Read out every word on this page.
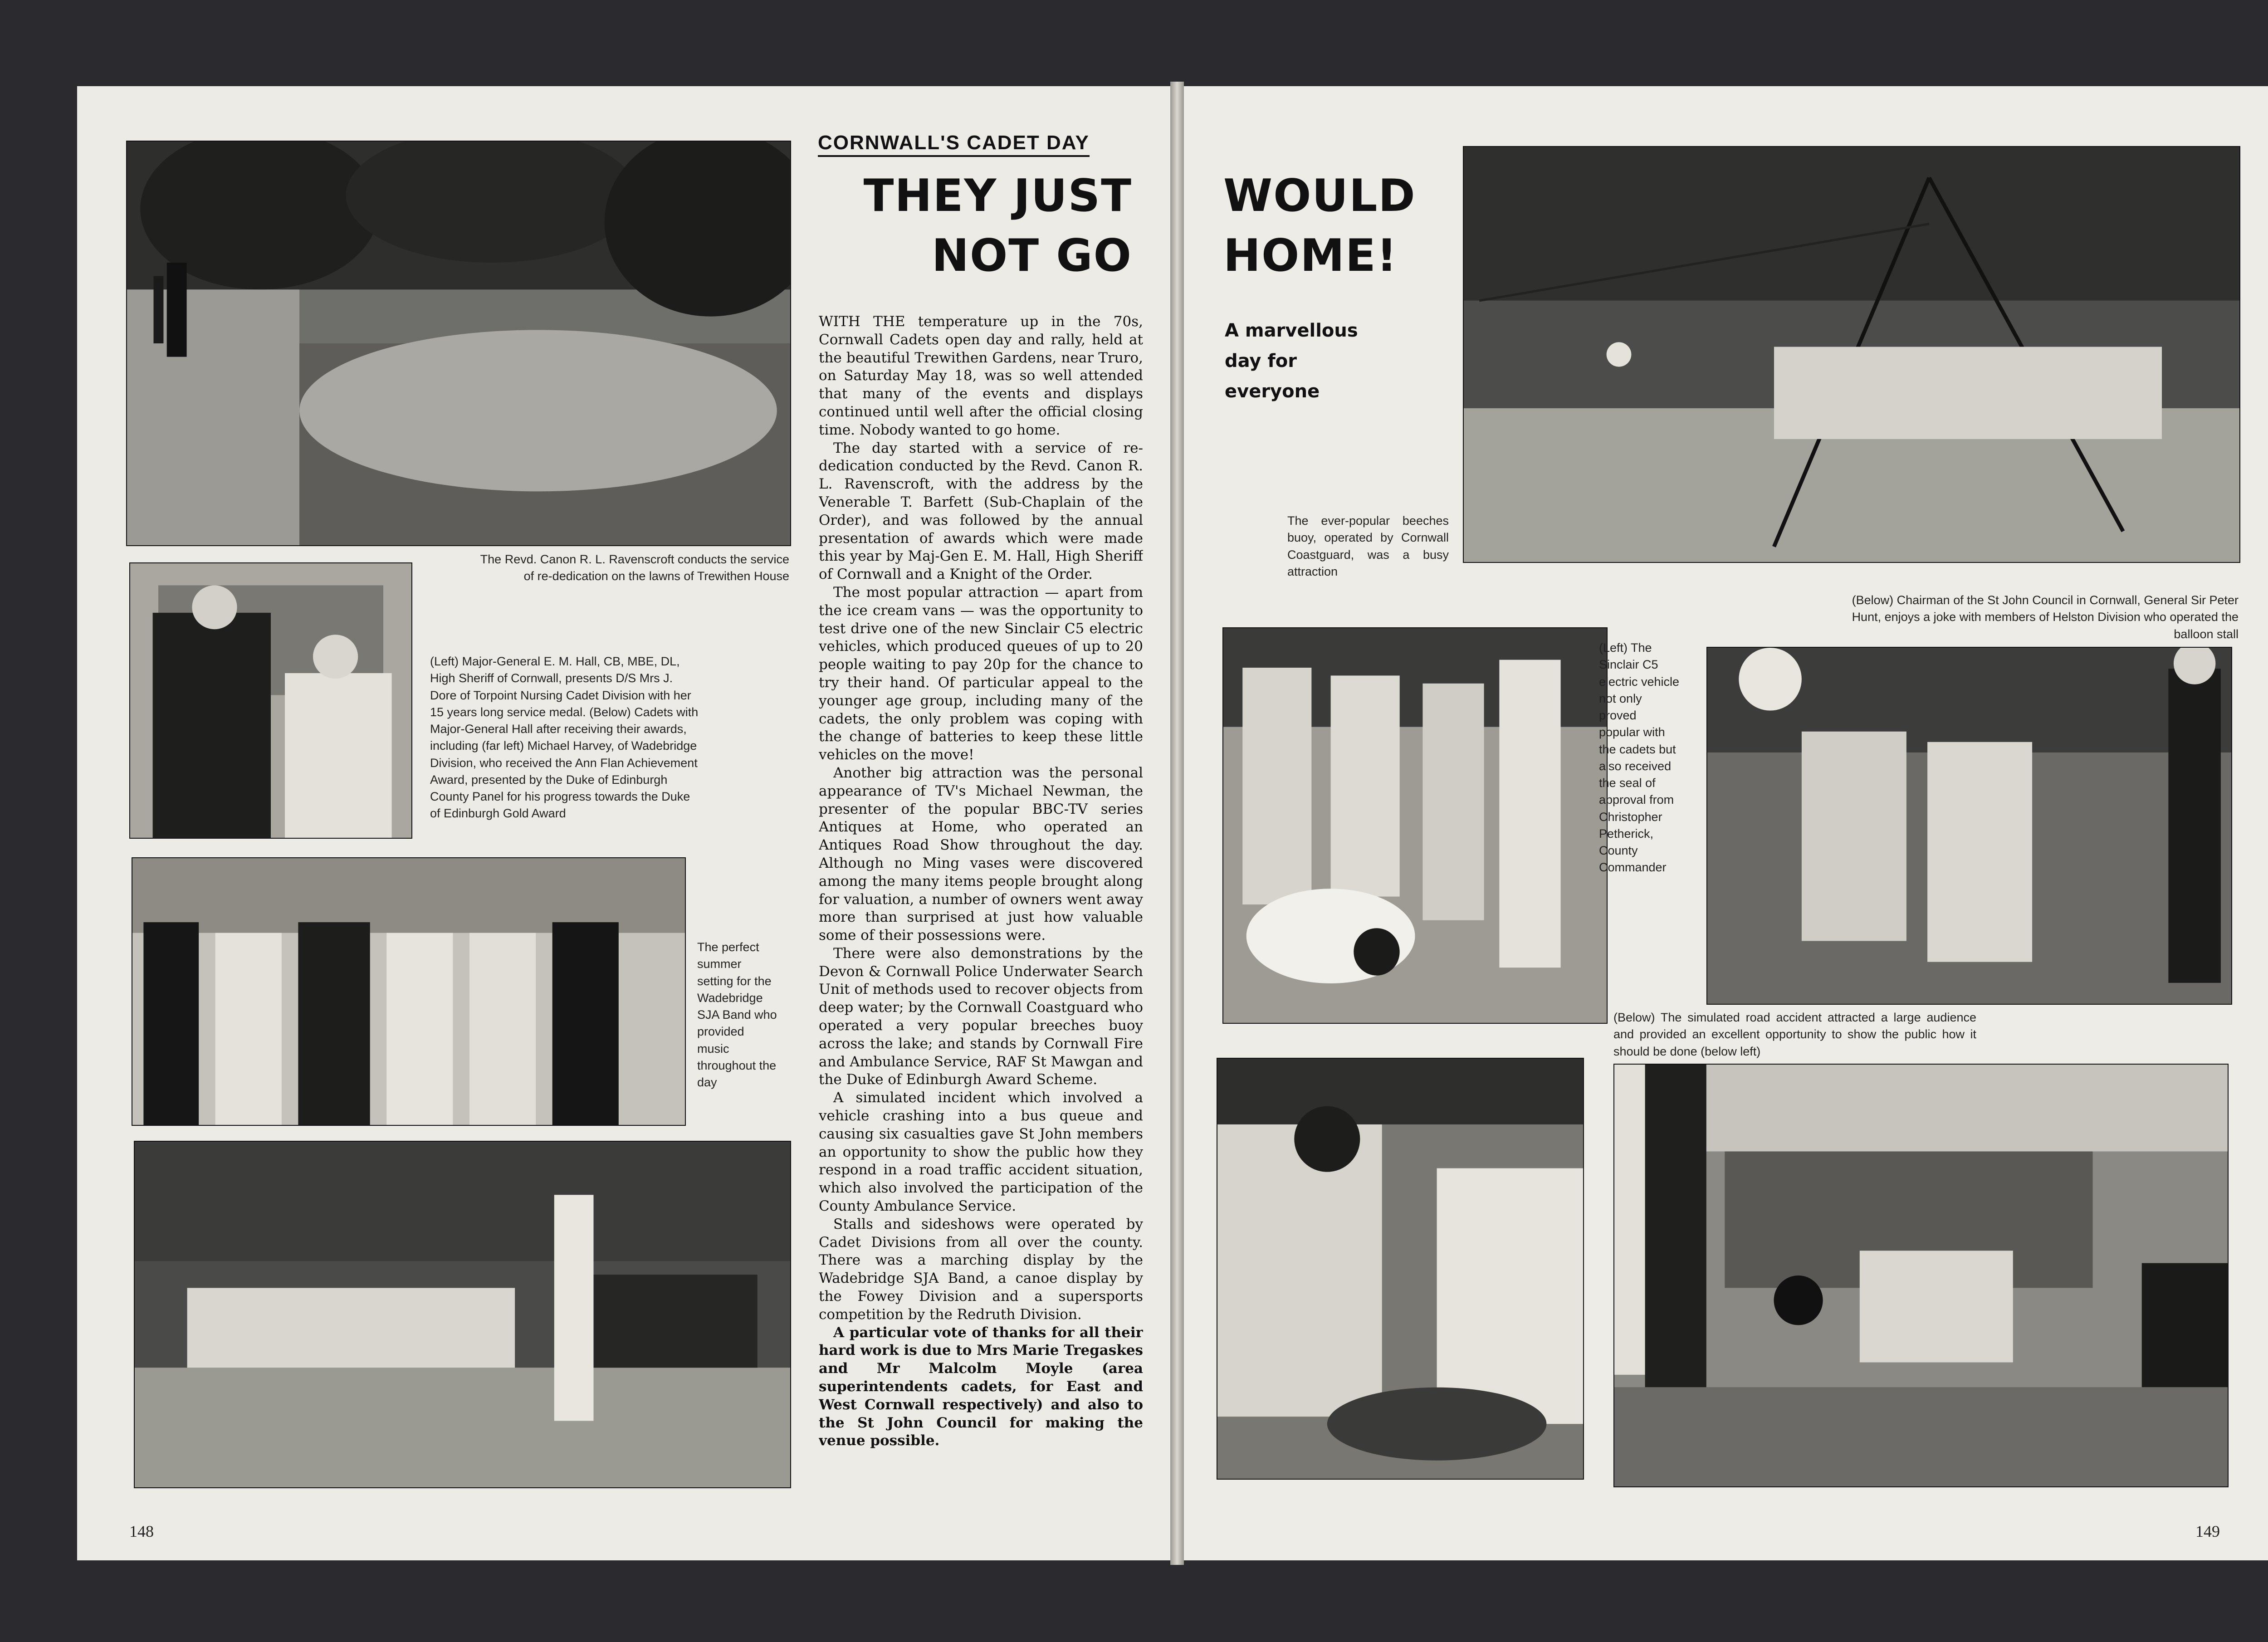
The Revd. Canon R. L. Ravenscroft conducts the service of re-dedication on the lawns of Trewithen House
(Left) Major-General E. M. Hall, CB, MBE, DL, High Sheriff of Cornwall, presents D/S Mrs J. Dore of Torpoint Nursing Cadet Division with her 15 years long service medal. (Below) Cadets with Major-General Hall after receiving their awards, including (far left) Michael Harvey, of Wadebridge Division, who received the Ann Flan Achievement Award, presented by the Duke of Edinburgh County Panel for his progress towards the Duke of Edinburgh Gold Award
The perfect summer setting for the Wadebridge SJA Band who provided music throughout the day
CORNWALL'S CADET DAY
THEY JUST
NOT GO

WITH THE temperature up in the 70s, Cornwall Cadets open day and rally, held at the beautiful Trewithen Gardens, near Truro, on Saturday May 18, was so well attended that many of the events and displays continued until well after the official closing time. Nobody wanted to go home.

The day started with a service of re-dedication conducted by the Revd. Canon R. L. Ravenscroft, with the address by the Venerable T. Barfett (Sub-Chaplain of the Order), and was followed by the annual presentation of awards which were made this year by Maj-Gen E. M. Hall, High Sheriff of Cornwall and a Knight of the Order.

The most popular attraction — apart from the ice cream vans — was the opportunity to test drive one of the new Sinclair C5 electric vehicles, which produced queues of up to 20 people waiting to pay 20p for the chance to try their hand. Of particular appeal to the younger age group, including many of the cadets, the only problem was coping with the change of batteries to keep these little vehicles on the move!

Another big attraction was the personal appearance of TV's Michael Newman, the presenter of the popular BBC-TV series Antiques at Home, who operated an Antiques Road Show throughout the day. Although no Ming vases were discovered among the many items people brought along for valuation, a number of owners went away more than surprised at just how valuable some of their possessions were.

There were also demonstrations by the Devon & Cornwall Police Underwater Search Unit of methods used to recover objects from deep water; by the Cornwall Coastguard who operated a very popular breeches buoy across the lake; and stands by Cornwall Fire and Ambulance Service, RAF St Mawgan and the Duke of Edinburgh Award Scheme.

A simulated incident which involved a vehicle crashing into a bus queue and causing six casualties gave St John members an opportunity to show the public how they respond in a road traffic accident situation, which also involved the participation of the County Ambulance Service.

Stalls and sideshows were operated by Cadet Divisions from all over the county. There was a marching display by the Wadebridge SJA Band, a canoe display by the Fowey Division and a supersports competition by the Redruth Division.

A particular vote of thanks for all their hard work is due to Mrs Marie Tregaskes and Mr Malcolm Moyle (area superintendents cadets, for East and West Cornwall respectively) and also to the St John Council for making the venue possible.

148
WOULD
HOME!
A marvellous day for everyone
The ever-popular beeches buoy, operated by Cornwall Coastguard, was a busy attraction
(Below) Chairman of the St John Council in Cornwall, General Sir Peter Hunt, enjoys a joke with members of Helston Division who operated the balloon stall
(Left) The Sinclair C5 electric vehicle not only proved popular with the cadets but also received the seal of approval from Christopher Petherick, County Commander
(Below) The simulated road accident attracted a large audience and provided an excellent opportunity to show the public how it should be done (below left)
149
